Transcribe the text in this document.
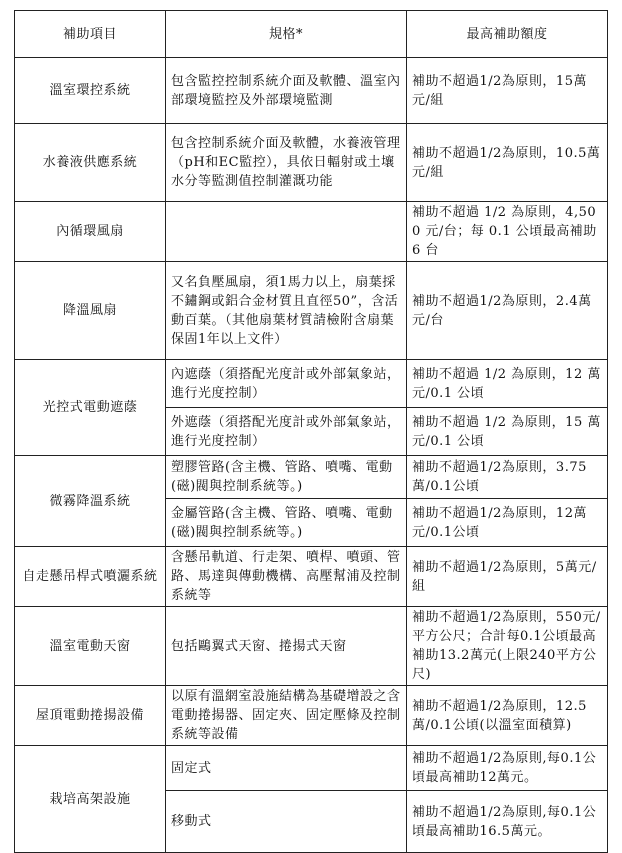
補助項目	規格*	最高補助額度
溫室環控系統	包含監控控制系統介面及軟體、溫室內部環境監控及外部環境監測	補助不超過1/2為原則，15萬元/組
水養液供應系統	包含控制系統介面及軟體，水養液管理（pH和EC監控），具依日輻射或土壤水分等監測值控制灌溉功能	補助不超過1/2為原則，10.5萬元/組
內循環風扇		補助不超過 1/2 為原則，4,500 元/台；每 0.1 公頃最高補助 6 台
降溫風扇	又名負壓風扇，須1馬力以上，扇葉採不鏽鋼或鋁合金材質且直徑50”，含活動百葉。（其他扇葉材質請檢附含扇葉保固1年以上文件）	補助不超過1/2為原則，2.4萬元/台
光控式電動遮蔭	內遮蔭（須搭配光度計或外部氣象站，進行光度控制）	補助不超過 1/2 為原則，12 萬元/0.1 公頃
	外遮蔭（須搭配光度計或外部氣象站，進行光度控制）	補助不超過 1/2 為原則，15 萬元/0.1 公頃
微霧降溫系統	塑膠管路(含主機、管路、噴嘴、電動(磁)閥與控制系統等。)	補助不超過1/2為原則，3.75萬/0.1公頃
	金屬管路(含主機、管路、噴嘴、電動(磁)閥與控制系統等。)	補助不超過1/2為原則，12萬元/0.1公頃
自走懸吊桿式噴灑系統	含懸吊軌道、行走架、噴桿、噴頭、管路、馬達與傳動機構、高壓幫浦及控制系統等	補助不超過1/2為原則，5萬元/組
溫室電動天窗	包括鷗翼式天窗、捲揚式天窗	補助不超過1/2為原則，550元/平方公尺；合計每0.1公頃最高補助13.2萬元(上限240平方公尺)
屋頂電動捲揚設備	以原有溫網室設施結構為基礎增設之含電動捲揚器、固定夾、固定壓條及控制系統等設備	補助不超過1/2為原則，12.5萬/0.1公頃(以溫室面積算)
栽培高架設施	固定式	補助不超過1/2為原則,每0.1公頃最高補助12萬元。
	移動式	補助不超過1/2為原則,每0.1公頃最高補助16.5萬元。
